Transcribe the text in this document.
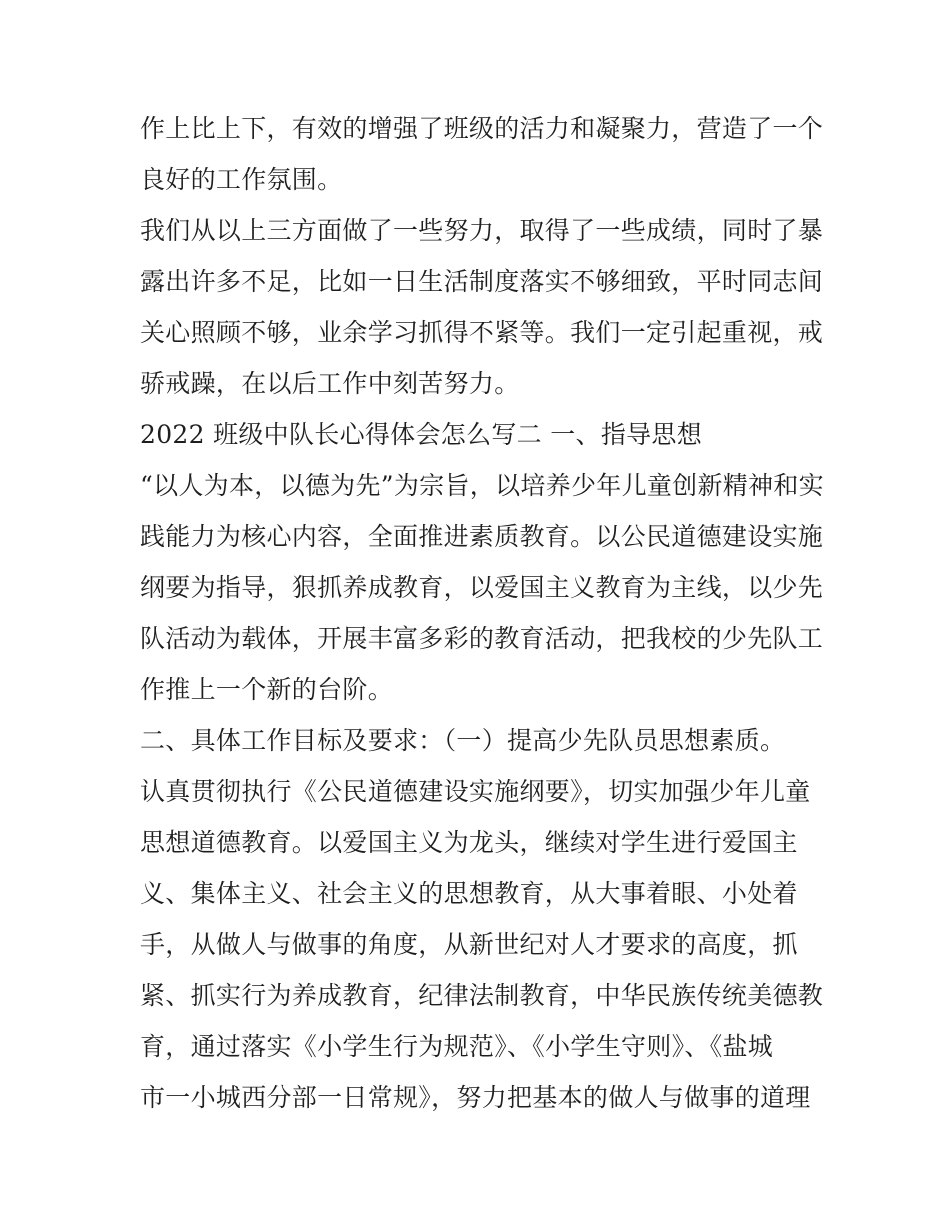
作上比上下，有效的增强了班级的活力和凝聚力，营造了一个
良好的工作氛围。
我们从以上三方面做了一些努力，取得了一些成绩，同时了暴
露出许多不足，比如一日生活制度落实不够细致，平时同志间
关心照顾不够，业余学习抓得不紧等。我们一定引起重视，戒
骄戒躁，在以后工作中刻苦努力。
2022 班级中队长心得体会怎么写二 一、指导思想
“以人为本，以德为先”为宗旨，以培养少年儿童创新精神和实
践能力为核心内容，全面推进素质教育。以公民道德建设实施
纲要为指导，狠抓养成教育，以爱国主义教育为主线，以少先
队活动为载体，开展丰富多彩的教育活动，把我校的少先队工
作推上一个新的台阶。
二、具体工作目标及要求：（一）提高少先队员思想素质。
认真贯彻执行《公民道德建设实施纲要》，切实加强少年儿童
思想道德教育。以爱国主义为龙头，继续对学生进行爱国主
义、集体主义、社会主义的思想教育，从大事着眼、小处着
手，从做人与做事的角度，从新世纪对人才要求的高度，抓
紧、抓实行为养成教育，纪律法制教育，中华民族传统美德教
育，通过落实《小学生行为规范》、《小学生守则》、《盐城
市一小城西分部一日常规》，努力把基本的做人与做事的道理
